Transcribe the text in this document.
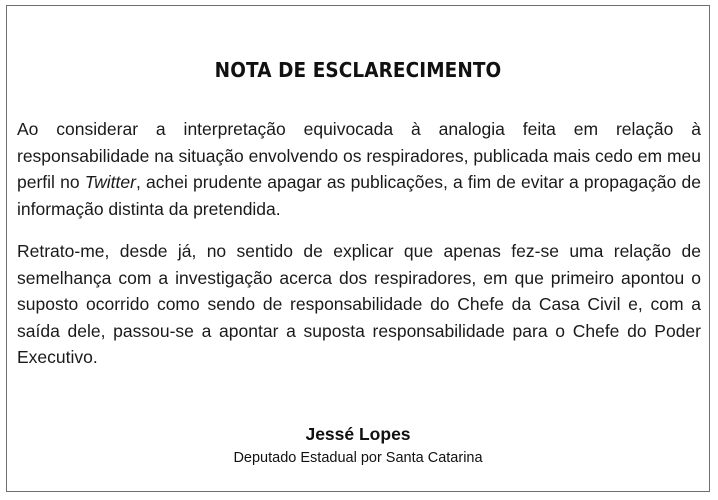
NOTA DE ESCLARECIMENTO
Ao considerar a interpretação equivocada à analogia feita em relação à responsabilidade na situação envolvendo os respiradores, publicada mais cedo em meu perfil no Twitter, achei prudente apagar as publicações, a fim de evitar a propagação de informação distinta da pretendida.
Retrato-me, desde já, no sentido de explicar que apenas fez-se uma relação de semelhança com a investigação acerca dos respiradores, em que primeiro apontou o suposto ocorrido como sendo de responsabilidade do Chefe da Casa Civil e, com a saída dele, passou-se a apontar a suposta responsabilidade para o Chefe do Poder Executivo.
Jessé Lopes
Deputado Estadual por Santa Catarina
